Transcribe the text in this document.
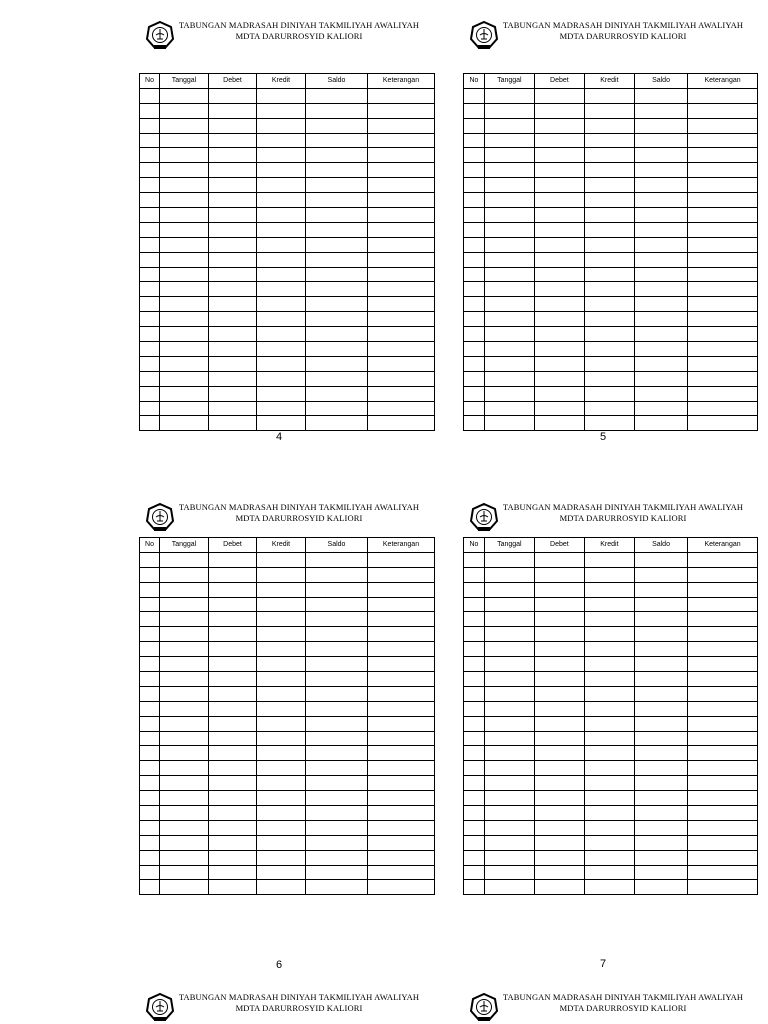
TABUNGAN MADRASAH DINIYAH TAKMILIYAH AWALIYAH
MDTA DARURROSYID KALIORI
No	Tanggal	Debet	Kredit	Saldo	Keterangan

4
TABUNGAN MADRASAH DINIYAH TAKMILIYAH AWALIYAH
MDTA DARURROSYID KALIORI
No	Tanggal	Debet	Kredit	Saldo	Keterangan

5
TABUNGAN MADRASAH DINIYAH TAKMILIYAH AWALIYAH
MDTA DARURROSYID KALIORI
No	Tanggal	Debet	Kredit	Saldo	Keterangan

6
TABUNGAN MADRASAH DINIYAH TAKMILIYAH AWALIYAH
MDTA DARURROSYID KALIORI
No	Tanggal	Debet	Kredit	Saldo	Keterangan

7
TABUNGAN MADRASAH DINIYAH TAKMILIYAH AWALIYAH
MDTA DARURROSYID KALIORI
TABUNGAN MADRASAH DINIYAH TAKMILIYAH AWALIYAH
MDTA DARURROSYID KALIORI
